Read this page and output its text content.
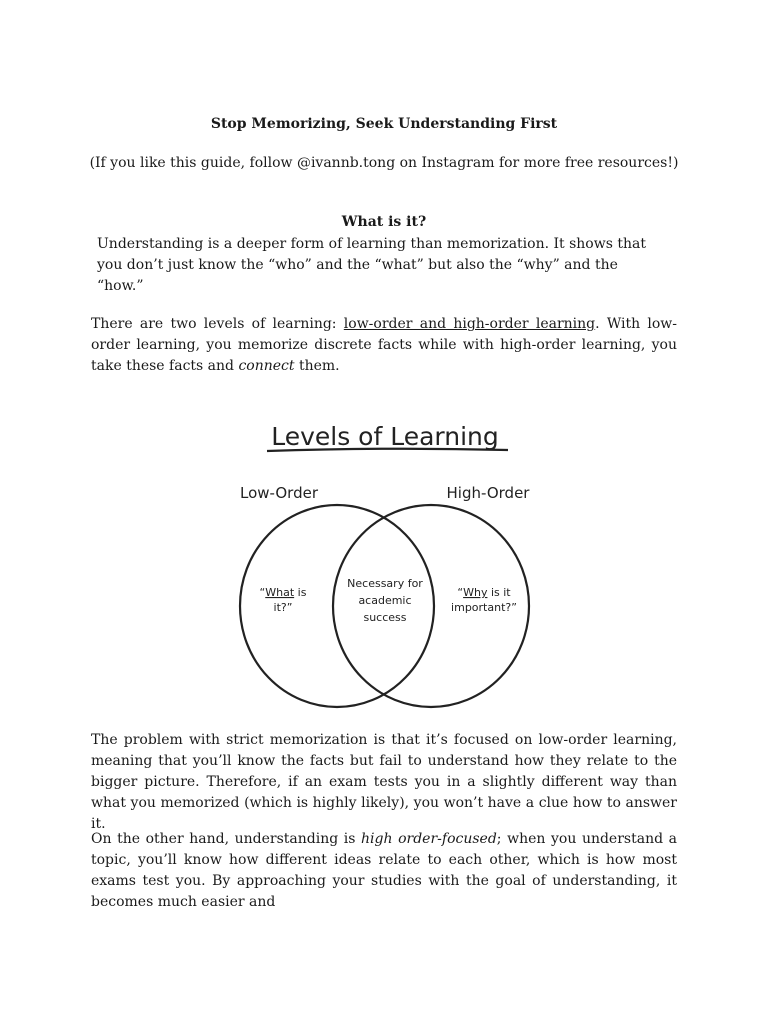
Stop Memorizing, Seek Understanding First

(If you like this guide, follow @ivannb.tong on Instagram for more free resources!)

What is it?

Understanding is a deeper form of learning than memorization. It shows that you don’t just know the “who” and the “what” but also the “why” and the “how.”

There are two levels of learning: low-order and high-order learning. With low-order learning, you memorize discrete facts while with high-order learning, you take these facts and connect them.

Levels of Learning
Low-Order	High-Order
“What is
it?”
Necessary for
academic
success
“Why is it
important?”

The problem with strict memorization is that it’s focused on low-order learning, meaning that you’ll know the facts but fail to understand how they relate to the bigger picture. Therefore, if an exam tests you in a slightly different way than what you memorized (which is highly likely), you won’t have a clue how to answer it.

On the other hand, understanding is high order-focused; when you understand a topic, you’ll know how different ideas relate to each other, which is how most exams test you. By approaching your studies with the goal of understanding, it becomes much easier and
